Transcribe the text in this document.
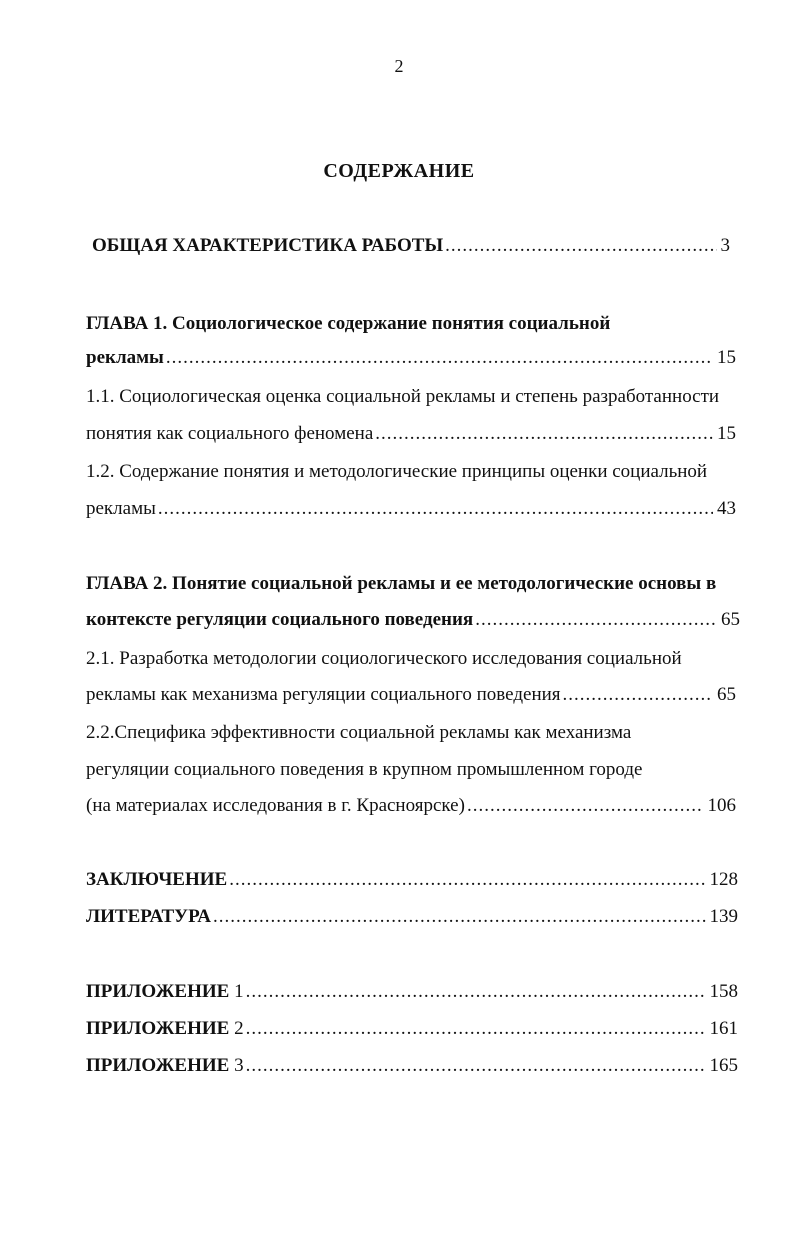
2
СОДЕРЖАНИЕ
ОБЩАЯ ХАРАКТЕРИСТИКА РАБОТЫ .....	3
ГЛАВА 1. Социологическое содержание понятия социальной
рекламы .....	15
1.1. Социологическая оценка социальной рекламы и степень разработанности
понятия как социального феномена .....	15
1.2. Содержание понятия и методологические принципы оценки социальной
рекламы .....	43
ГЛАВА 2. Понятие социальной рекламы и ее методологические основы в
контексте регуляции социального поведения .....	65
2.1. Разработка методологии социологического исследования социальной
рекламы как механизма регуляции социального поведения .....	65
2.2.Специфика эффективности социальной рекламы как механизма
регуляции социального поведения в крупном промышленном городе
(на материалах исследования в г. Красноярске) .....	106
ЗАКЛЮЧЕНИЕ .....	128
ЛИТЕРАТУРА .....	139
ПРИЛОЖЕНИЕ 1 .....	158
ПРИЛОЖЕНИЕ 2 .....	161
ПРИЛОЖЕНИЕ 3 .....	165
